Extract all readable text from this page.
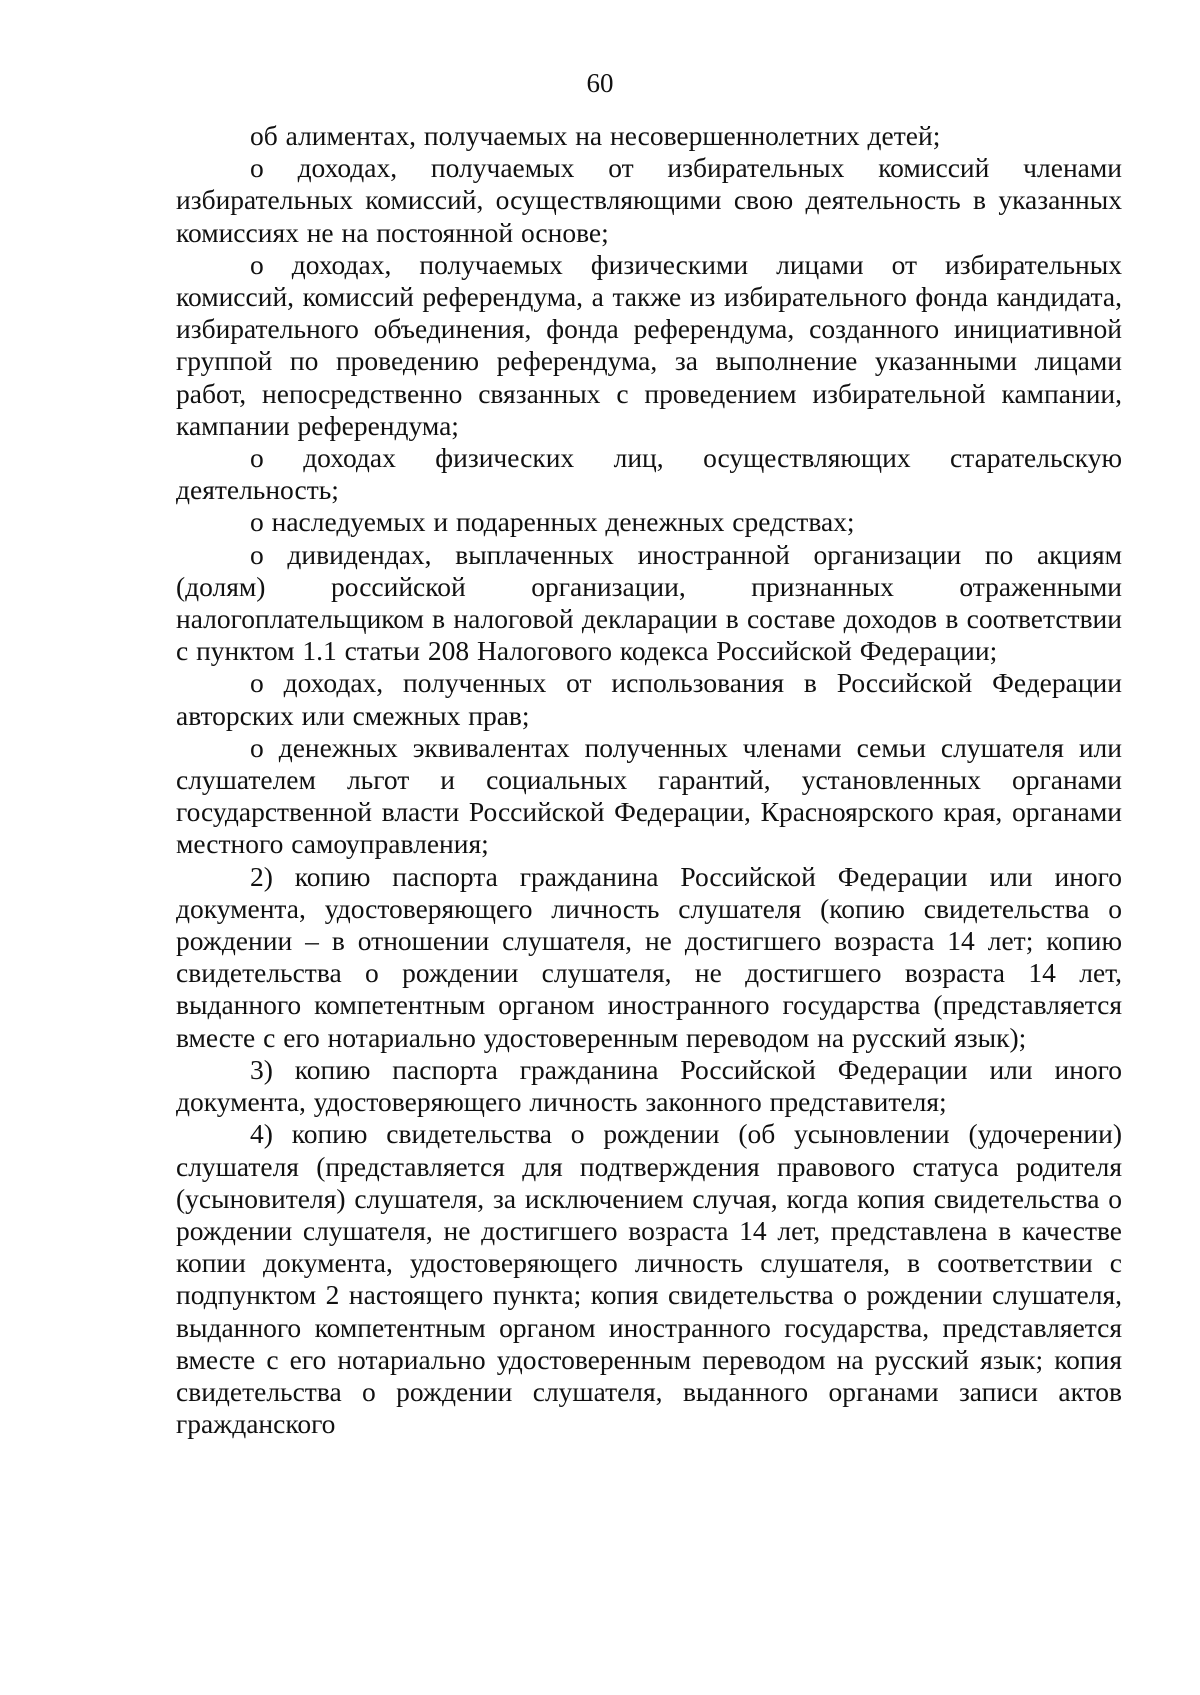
60

об алиментах, получаемых на несовершеннолетних детей;

о доходах, получаемых от избирательных комиссий членами избирательных комиссий, осуществляющими свою деятельность в указанных комиссиях не на постоянной основе;

о доходах, получаемых физическими лицами от избирательных комиссий, комиссий референдума, а также из избирательного фонда кандидата, избирательного объединения, фонда референдума, созданного инициативной группой по проведению референдума, за выполнение указанными лицами работ, непосредственно связанных с проведением избирательной кампании, кампании референдума;

о доходах физических лиц, осуществляющих старательскую деятельность;

о наследуемых и подаренных денежных средствах;

о дивидендах, выплаченных иностранной организации по акциям (долям) российской организации, признанных отраженными налогоплательщиком в налоговой декларации в составе доходов в соответствии с пунктом 1.1 статьи 208 Налогового кодекса Российской Федерации;

о доходах, полученных от использования в Российской Федерации авторских или смежных прав;

о денежных эквивалентах полученных членами семьи слушателя или слушателем льгот и социальных гарантий, установленных органами государственной власти Российской Федерации, Красноярского края, органами местного самоуправления;

2) копию паспорта гражданина Российской Федерации или иного документа, удостоверяющего личность слушателя (копию свидетельства о рождении – в отношении слушателя, не достигшего возраста 14 лет; копию свидетельства о рождении слушателя, не достигшего возраста 14 лет, выданного компетентным органом иностранного государства (представляется вместе с его нотариально удостоверенным переводом на русский язык);

3) копию паспорта гражданина Российской Федерации или иного документа, удостоверяющего личность законного представителя;

4) копию свидетельства о рождении (об усыновлении (удочерении) слушателя (представляется для подтверждения правового статуса родителя (усыновителя) слушателя, за исключением случая, когда копия свидетельства о рождении слушателя, не достигшего возраста 14 лет, представлена в качестве копии документа, удостоверяющего личность слушателя, в соответствии с подпунктом 2 настоящего пункта; копия свидетельства о рождении слушателя, выданного компетентным органом иностранного государства, представляется вместе с его нотариально удостоверенным переводом на русский язык; копия свидетельства о рождении слушателя, выданного органами записи актов гражданского
